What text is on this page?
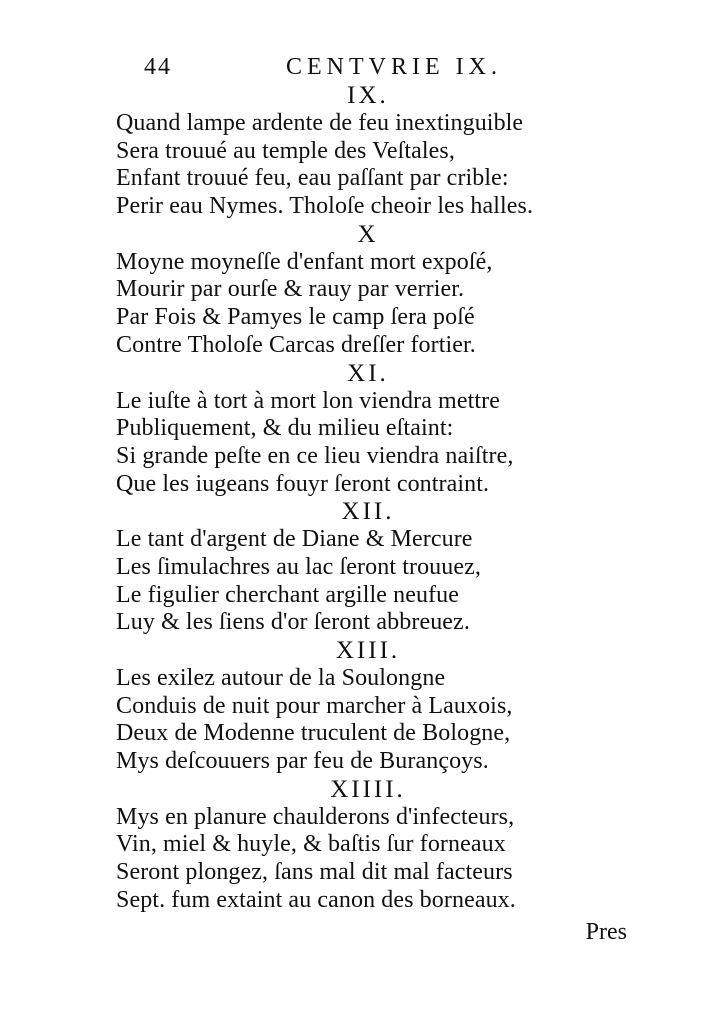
44	CENTVRIE IX.
IX.
Quand lampe ardente de feu inextinguible
Sera trouué au temple des Veſtales,
Enfant trouué feu, eau paſſant par crible:
Perir eau Nymes. Tholoſe cheoir les halles.
X
Moyne moyneſſe d'enfant mort expoſé,
Mourir par ourſe & rauy par verrier.
Par Fois & Pamyes le camp ſera poſé
Contre Tholoſe Carcas dreſſer fortier.
XI.
Le iuſte à tort à mort lon viendra mettre
Publiquement, & du milieu eſtaint:
Si grande peſte en ce lieu viendra naiſtre,
Que les iugeans fouyr ſeront contraint.
XII.
Le tant d'argent de Diane & Mercure
Les ſimulachres au lac ſeront trouuez,
Le figulier cherchant argille neufue
Luy & les ſiens d'or ſeront abbreuez.
XIII.
Les exilez autour de la Soulongne
Conduis de nuit pour marcher à Lauxois,
Deux de Modenne truculent de Bologne,
Mys deſcouuers par feu de Burançoys.
XIIII.
Mys en planure chaulderons d'infecteurs,
Vin, miel & huyle, & baſtis ſur forneaux
Seront plongez, ſans mal dit mal facteurs
Sept. fum extaint au canon des borneaux.
Pres
